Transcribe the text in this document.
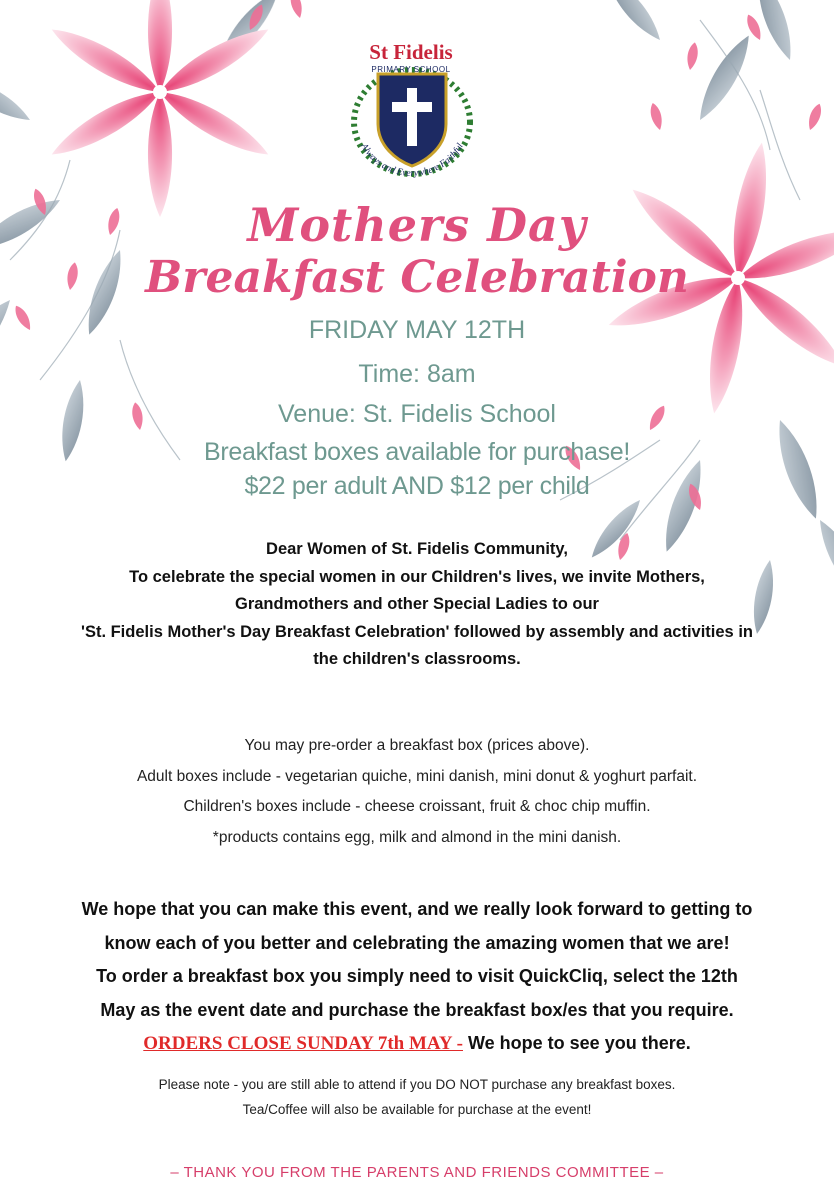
Always and Everywhere Faithful
St Fidelis
PRIMARY SCHOOL
Mothers Day
Breakfast Celebration
FRIDAY MAY 12TH
Time: 8am
Venue: St. Fidelis School
Breakfast boxes available for purchase!
$22 per adult AND $12 per child
Dear Women of St. Fidelis Community,
To celebrate the special women in our Children's lives, we invite Mothers,
Grandmothers and other Special Ladies to our
'St. Fidelis Mother's Day Breakfast Celebration' followed by assembly and activities in
the children's classrooms.
You may pre-order a breakfast box (prices above).
Adult boxes include - vegetarian quiche, mini danish, mini donut & yoghurt parfait.
Children's boxes include - cheese croissant, fruit & choc chip muffin.
*products contains egg, milk and almond in the mini danish.
We hope that you can make this event, and we really look forward to getting to
know each of you better and celebrating the amazing women that we are!
To order a breakfast box you simply need to visit QuickCliq, select the 12th
May as the event date and purchase the breakfast box/es that you require.
ORDERS CLOSE SUNDAY 7th MAY - We hope to see you there.
Please note - you are still able to attend if you DO NOT purchase any breakfast boxes.
Tea/Coffee will also be available for purchase at the event!
– THANK YOU FROM THE PARENTS AND FRIENDS COMMITTEE –
